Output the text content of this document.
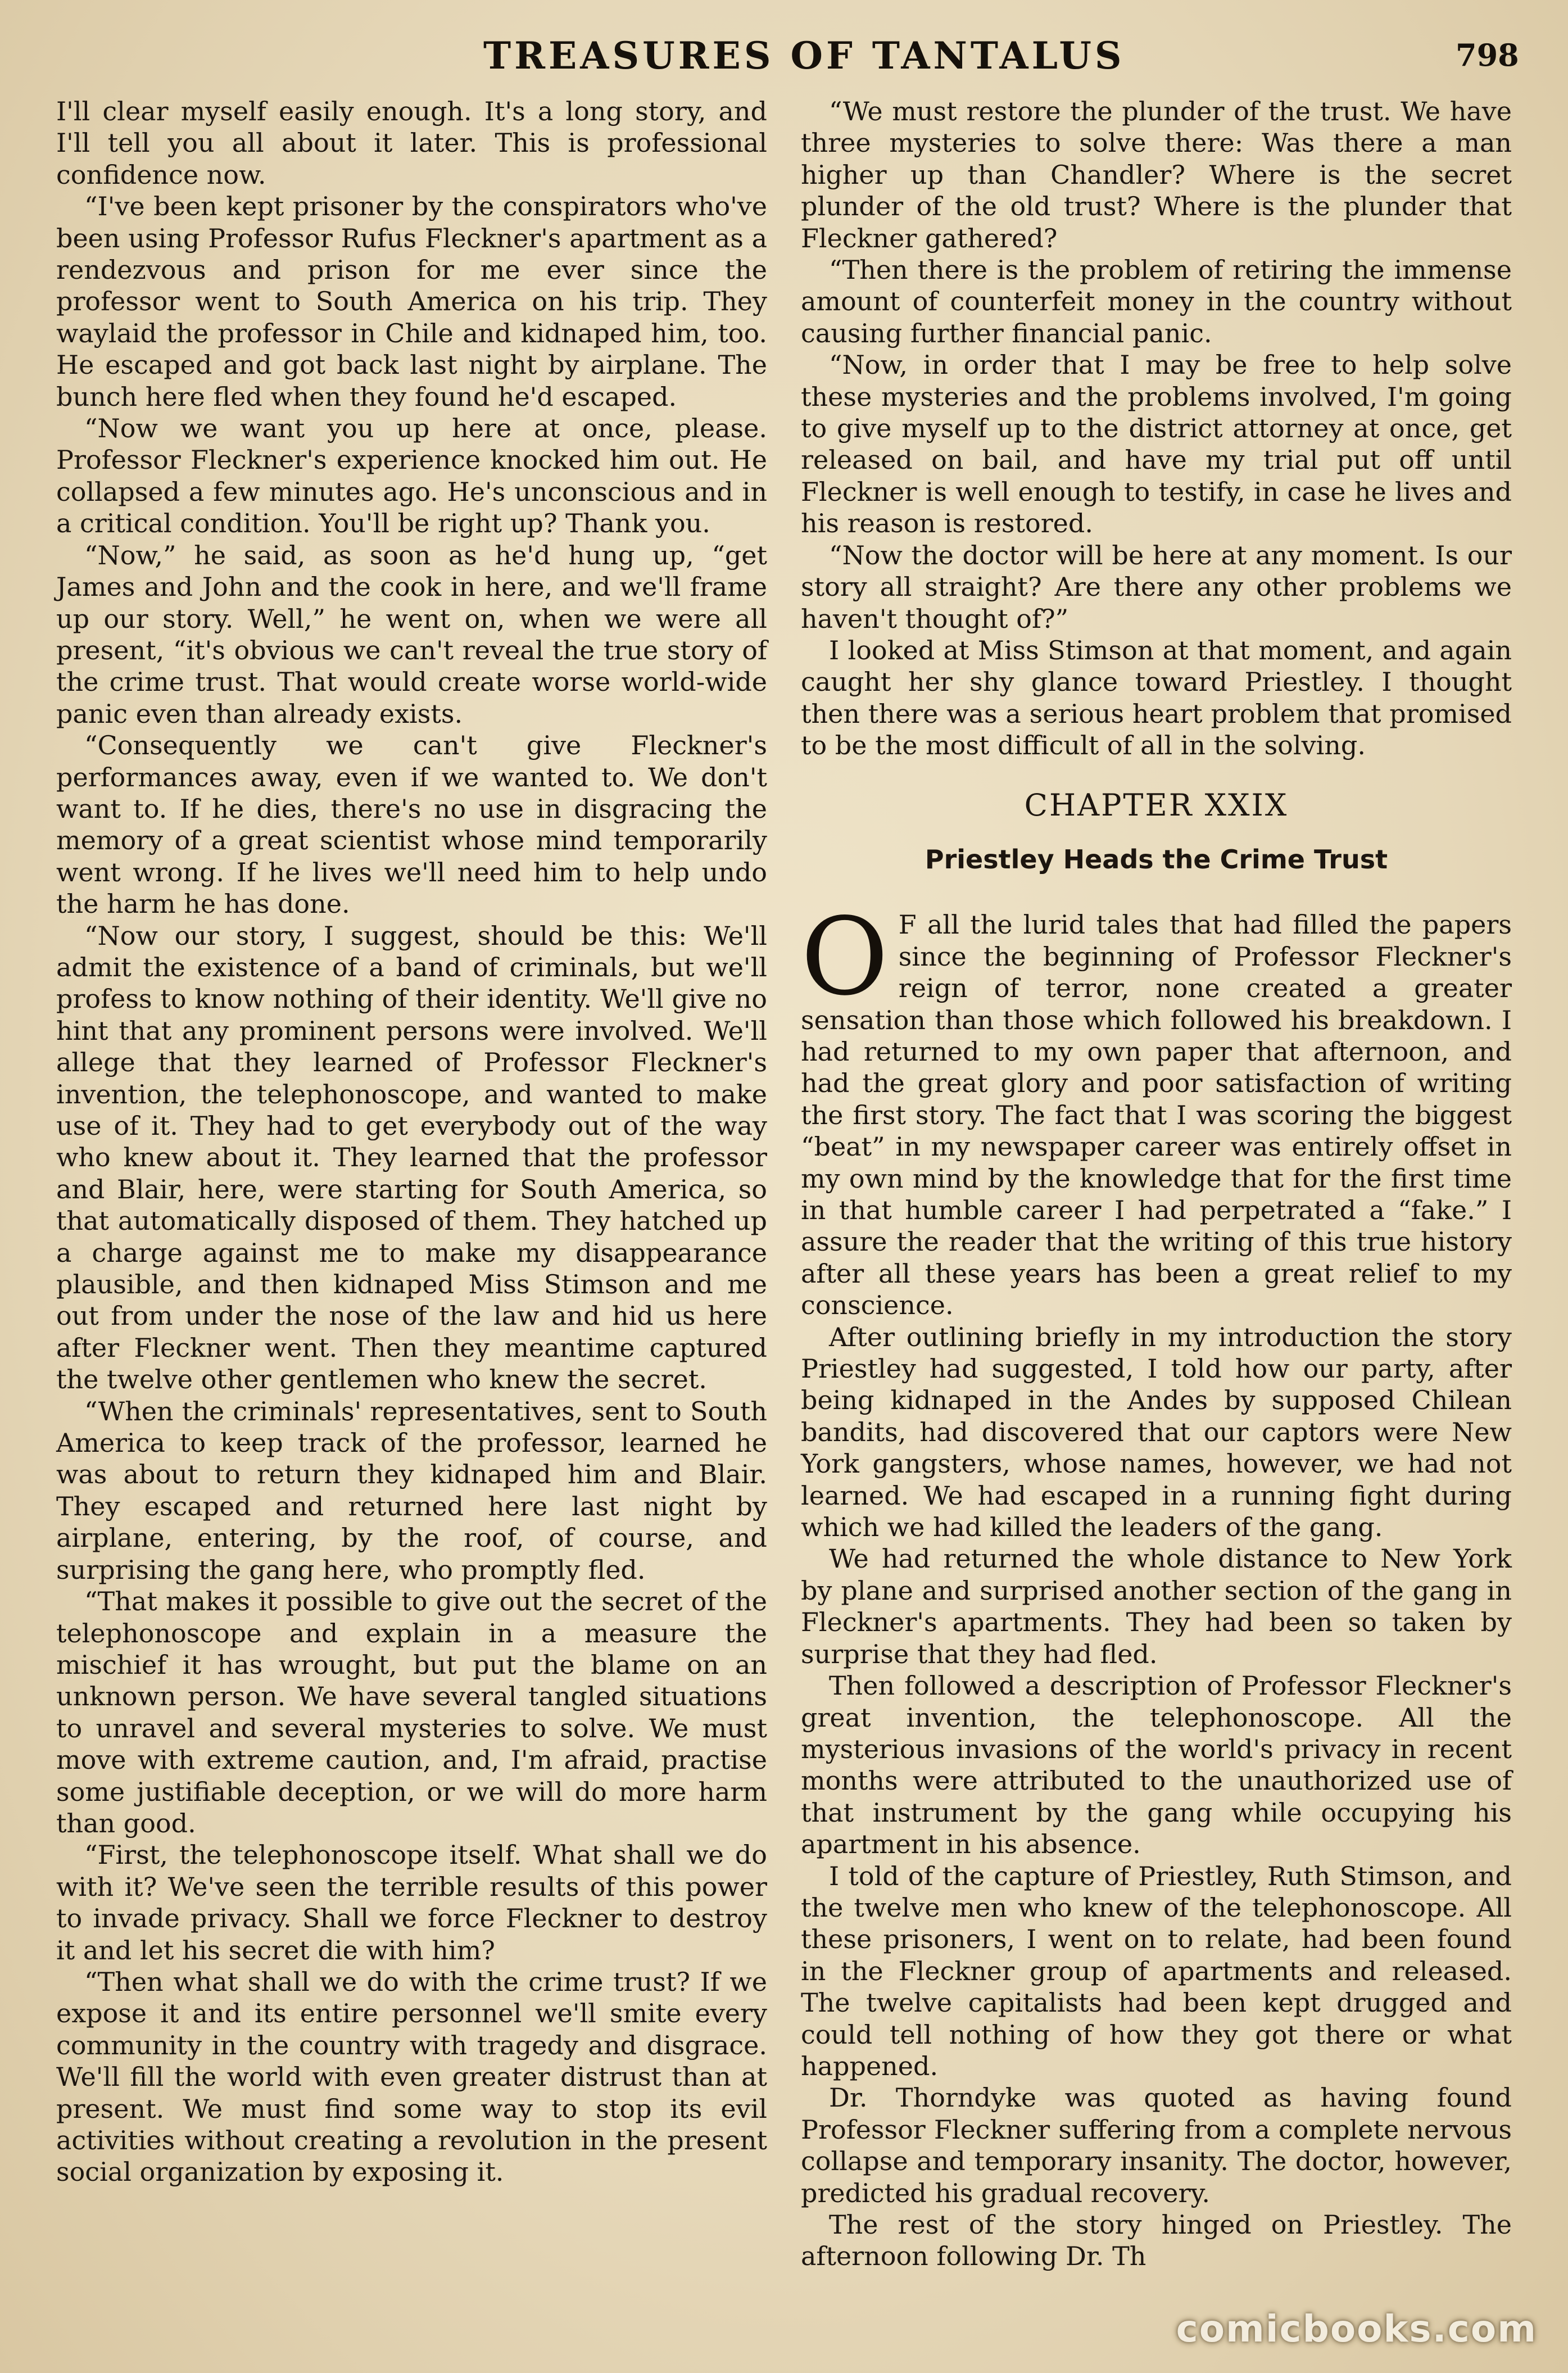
TREASURES OF TANTALUS	798

I'll clear myself easily enough. It's a long story, and I'll tell you all about it later. This is professional confidence now.

“I've been kept prisoner by the conspirators who've been using Professor Rufus Fleckner's apartment as a rendezvous and prison for me ever since the professor went to South America on his trip. They waylaid the professor in Chile and kidnaped him, too. He escaped and got back last night by airplane. The bunch here fled when they found he'd escaped.

“Now we want you up here at once, please. Professor Fleckner's experience knocked him out. He collapsed a few minutes ago. He's unconscious and in a critical condition. You'll be right up? Thank you.

“Now,” he said, as soon as he'd hung up, “get James and John and the cook in here, and we'll frame up our story. Well,” he went on, when we were all present, “it's obvious we can't reveal the true story of the crime trust. That would create worse world-wide panic even than already exists.

“Consequently we can't give Fleckner's performances away, even if we wanted to. We don't want to. If he dies, there's no use in disgracing the memory of a great scientist whose mind temporarily went wrong. If he lives we'll need him to help undo the harm he has done.

“Now our story, I suggest, should be this: We'll admit the existence of a band of criminals, but we'll profess to know nothing of their identity. We'll give no hint that any prominent persons were involved. We'll allege that they learned of Professor Fleckner's invention, the telephonoscope, and wanted to make use of it. They had to get everybody out of the way who knew about it. They learned that the professor and Blair, here, were starting for South America, so that automatically disposed of them. They hatched up a charge against me to make my disappearance plausible, and then kidnaped Miss Stimson and me out from under the nose of the law and hid us here after Fleckner went. Then they meantime captured the twelve other gentlemen who knew the secret.

“When the criminals' representatives, sent to South America to keep track of the professor, learned he was about to return they kidnaped him and Blair. They escaped and returned here last night by airplane, entering, by the roof, of course, and surprising the gang here, who promptly fled.

“That makes it possible to give out the secret of the telephonoscope and explain in a measure the mischief it has wrought, but put the blame on an unknown person. We have several tangled situations to unravel and several mysteries to solve. We must move with extreme caution, and, I'm afraid, practise some justifiable deception, or we will do more harm than good.

“First, the telephonoscope itself. What shall we do with it? We've seen the terrible results of this power to invade privacy. Shall we force Fleckner to destroy it and let his secret die with him?

“Then what shall we do with the crime trust? If we expose it and its entire personnel we'll smite every community in the country with tragedy and disgrace. We'll fill the world with even greater distrust than at present. We must find some way to stop its evil activities without creating a revolution in the present social organization by exposing it.

“We must restore the plunder of the trust. We have three mysteries to solve there: Was there a man higher up than Chandler? Where is the secret plunder of the old trust? Where is the plunder that Fleckner gathered?

“Then there is the problem of retiring the immense amount of counterfeit money in the country without causing further financial panic.

“Now, in order that I may be free to help solve these mysteries and the problems involved, I'm going to give myself up to the district attorney at once, get released on bail, and have my trial put off until Fleckner is well enough to testify, in case he lives and his reason is restored.

“Now the doctor will be here at any moment. Is our story all straight? Are there any other problems we haven't thought of?”

I looked at Miss Stimson at that moment, and again caught her shy glance toward Priestley. I thought then there was a serious heart problem that promised to be the most difficult of all in the solving.

CHAPTER XXIX
Priestley Heads the Crime Trust

O F all the lurid tales that had filled the papers since the beginning of Professor Fleckner's reign of terror, none created a greater sensation than those which followed his breakdown. I had returned to my own paper that afternoon, and had the great glory and poor satisfaction of writing the first story. The fact that I was scoring the biggest “beat” in my newspaper career was entirely offset in my own mind by the knowledge that for the first time in that humble career I had perpetrated a “fake.” I assure the reader that the writing of this true history after all these years has been a great relief to my conscience.

After outlining briefly in my introduction the story Priestley had suggested, I told how our party, after being kidnaped in the Andes by supposed Chilean bandits, had discovered that our captors were New York gangsters, whose names, however, we had not learned. We had escaped in a running fight during which we had killed the leaders of the gang.

We had returned the whole distance to New York by plane and surprised another section of the gang in Fleckner's apartments. They had been so taken by surprise that they had fled.

Then followed a description of Professor Fleckner's great invention, the telephonoscope. All the mysterious invasions of the world's privacy in recent months were attributed to the unauthorized use of that instrument by the gang while occupying his apartment in his absence.

I told of the capture of Priestley, Ruth Stimson, and the twelve men who knew of the telephonoscope. All these prisoners, I went on to relate, had been found in the Fleckner group of apartments and released. The twelve capitalists had been kept drugged and could tell nothing of how they got there or what happened.

Dr. Thorndyke was quoted as having found Professor Fleckner suffering from a complete nervous collapse and temporary insanity. The doctor, however, predicted his gradual recovery.

The rest of the story hinged on Priestley. The afternoon following Dr. Th

comicbooks.com
